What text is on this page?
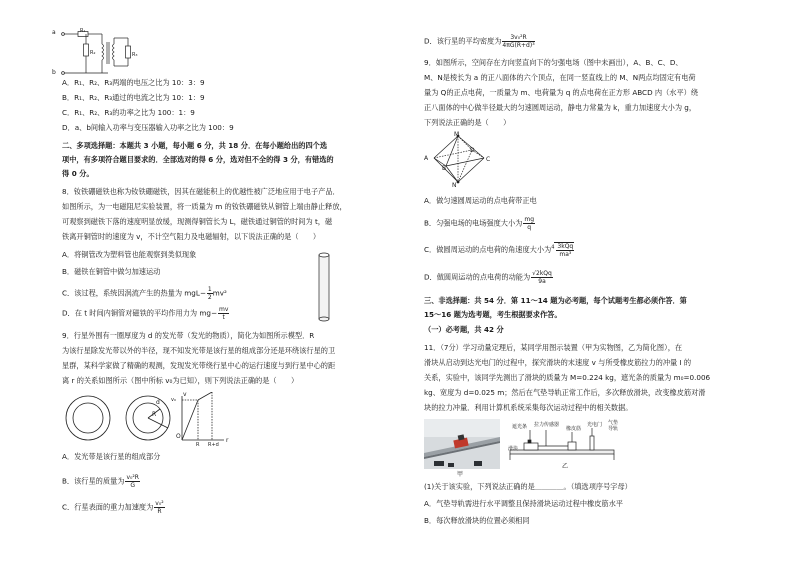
R₁
R₂	R₃
a
b
A．R₁、R₂、R₃两端的电压之比为 10：3：9
B．R₁、R₂、R₃通过的电流之比为 10：1：9
C．R₁、R₂、R₃的功率之比为 100：1：9
D．a、b间输入功率与变压器输入功率之比为 100：9
二、多项选择题：本题共 3 小题，每小题 6 分，共 18 分．在每小题给出的四个选
项中，有多项符合题目要求的．全部选对的得 6 分，选对但不全的得 3 分，有错选的
得 0 分。
8．钕铁硼磁铁也称为钕铁硼磁铁，因其在磁能积上的优越性被广泛地应用于电子产品．
如图所示，为一电磁阻尼实验装置，将一质量为 m 的钕铁硼磁铁从铜管上端由静止释放，
可观察到磁铁下落的速度明显放缓，现测得铜管长为 L，磁铁通过铜管的时间为 t，磁
铁离开铜管时的速度为 v，不计空气阻力及电磁辐射，以下说法正确的是（　　）
A．将铜管改为塑料管也能观察到类似现象
B．磁铁在铜管中做匀加速运动
C．该过程，系统因涡流产生的热量为 $mgL- \frac{1}{2} mv^2$
D．在 t 时间内铜管对磁铁的平均作用力为 $mg- \frac{mv}{t}$
9．行星外围有一圈厚度为 d 的发光带（发光的物质），简化为如图所示模型．R
为该行星除发光带以外的半径，现不知发光带是该行星的组成部分还是环绕该行星的卫
星群，某科学家做了精确的观测，发现发光带绕行星中心的运行速度与到行星中心的距
离 r 的关系如图所示（图中所标 v₀为已知），则下列说法正确的是（　　）
R
d
O
v
v₀
r
R R+d
A．发光带是该行星的组成部分
B．该行星的质量为 $\frac{\text{v₀²R}}{G}$
C．行星表面的重力加速度为 $\frac{\text{v₀²}}{R}$
D．该行星的平均密度为 $\frac{\text{3v₀²R}}{\text{4πG(R+d)³}}$
9．如图所示，空间存在方向竖直向下的匀强电场（图中未画出），A、B、C、D、
M、N是棱长为 a 的正八面体的六个顶点，在同一竖直线上的 M、N两点均固定有电荷
量为 Q的正点电荷，一质量为 m、电荷量为 q 的点电荷在正方形 ABCD 内（水平）绕
正八面体的中心做半径最大的匀速圆周运动，静电力常量为 k，重力加速度大小为 g，
下列说法正确的是（　　）
M
N
A
B
C
D
A．做匀速圆周运动的点电荷带正电
B．匀强电场的电场强度大小为 $\frac{mg}{q}$
C．做圆周运动的点电荷的角速度大小为$^4 \frac{\text{3kQq}}{\text{ma³}}$
D．做圆周运动的点电荷的动能为 $\frac{\text{√2kQq}}{9a}$
三、非选择题：共 54 分．第 11～14 题为必考题，每个试题考生都必须作答．第
15～16 题为选考题，考生根据要求作答。
（一）必考题，共 42 分
11．（7分）学习动量定理后，某同学用图示装置（甲为实物图，乙为简化图），在
滑块从启动到达光电门的过程中，探究滑块的末速度 v 与所受橡皮筋拉力的冲量 I 的
关系，实验中，该同学先测出了滑块的质量为 M=0.224 kg，遮光条的质量为 m₀=0.006
kg、宽度为 d=0.025 m；然后在气垫导轨正常工作后，多次释放滑块，改变橡皮筋对滑
块的拉力冲量．利用计算机系统采集每次运动过程中的相关数据。
甲
遮光条 拉力传感器
橡皮筋
光电门 气垫导轨
滑块
乙
(1)关于该实验，下列说法正确的是＿＿＿＿。（填选项序号字母）
A．气垫导轨需进行水平调整且保持滑块运动过程中橡皮筋水平
B．每次释放滑块的位置必须相同
